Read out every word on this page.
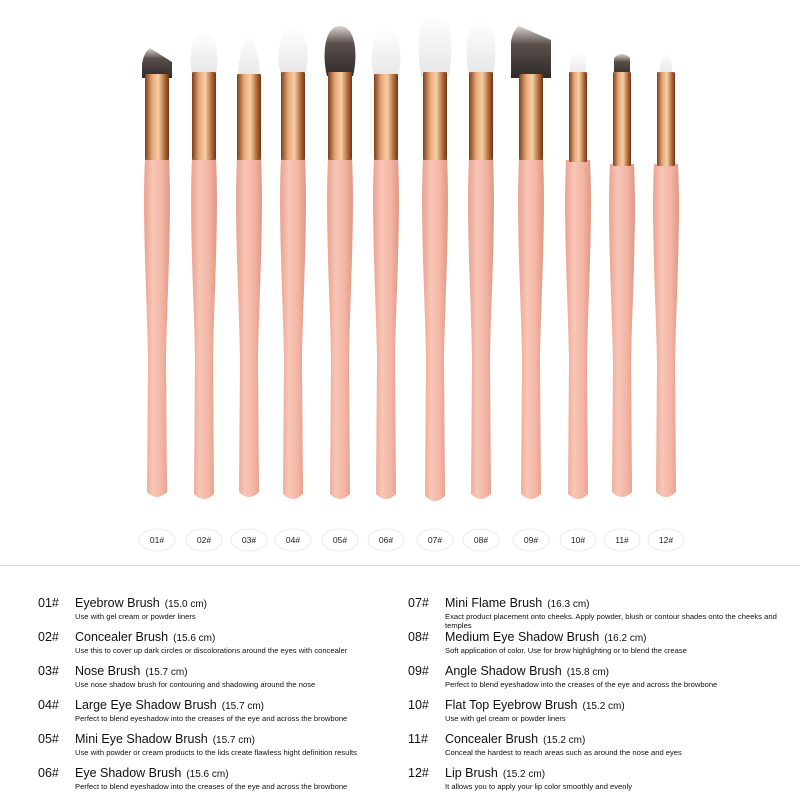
01#	02#	03#	04#	05#	06#	07#	08#	09#	10#	11#	12#
01# Eyebrow Brush (15.0 cm)
Use with gel cream or powder liners
02# Concealer Brush (15.6 cm)
Use this to cover up dark circles or discolorations around the eyes with concealer
03# Nose Brush (15.7 cm)
Use nose shadow brush for contouring and shadowing around the nose
04# Large Eye Shadow Brush (15.7 cm)
Perfect to blend eyeshadow into the creases of the eye and across the browbone
05# Mini Eye Shadow Brush (15.7 cm)
Use with powder or cream products to the lids create flawless hight definition results
06# Eye Shadow Brush (15.6 cm)
Perfect to blend eyeshadow into the creases of the eye and across the browbone
07# Mini Flame Brush (16.3 cm)
Exact product placement onto cheeks. Apply powder, blush or contour shades onto the cheeks and temples
08# Medium Eye Shadow Brush (16.2 cm)
Soft application of color. Use for brow highlighting or to blend the crease
09# Angle Shadow Brush (15.8 cm)
Perfect to blend eyeshadow into the creases of the eye and across the browbone
10# Flat Top Eyebrow Brush (15.2 cm)
Use with gel cream or powder liners
11# Concealer Brush (15.2 cm)
Conceal the hardest to reach areas such as around the nose and eyes
12# Lip Brush (15.2 cm)
It allows you to apply your lip color smoothly and evenly
